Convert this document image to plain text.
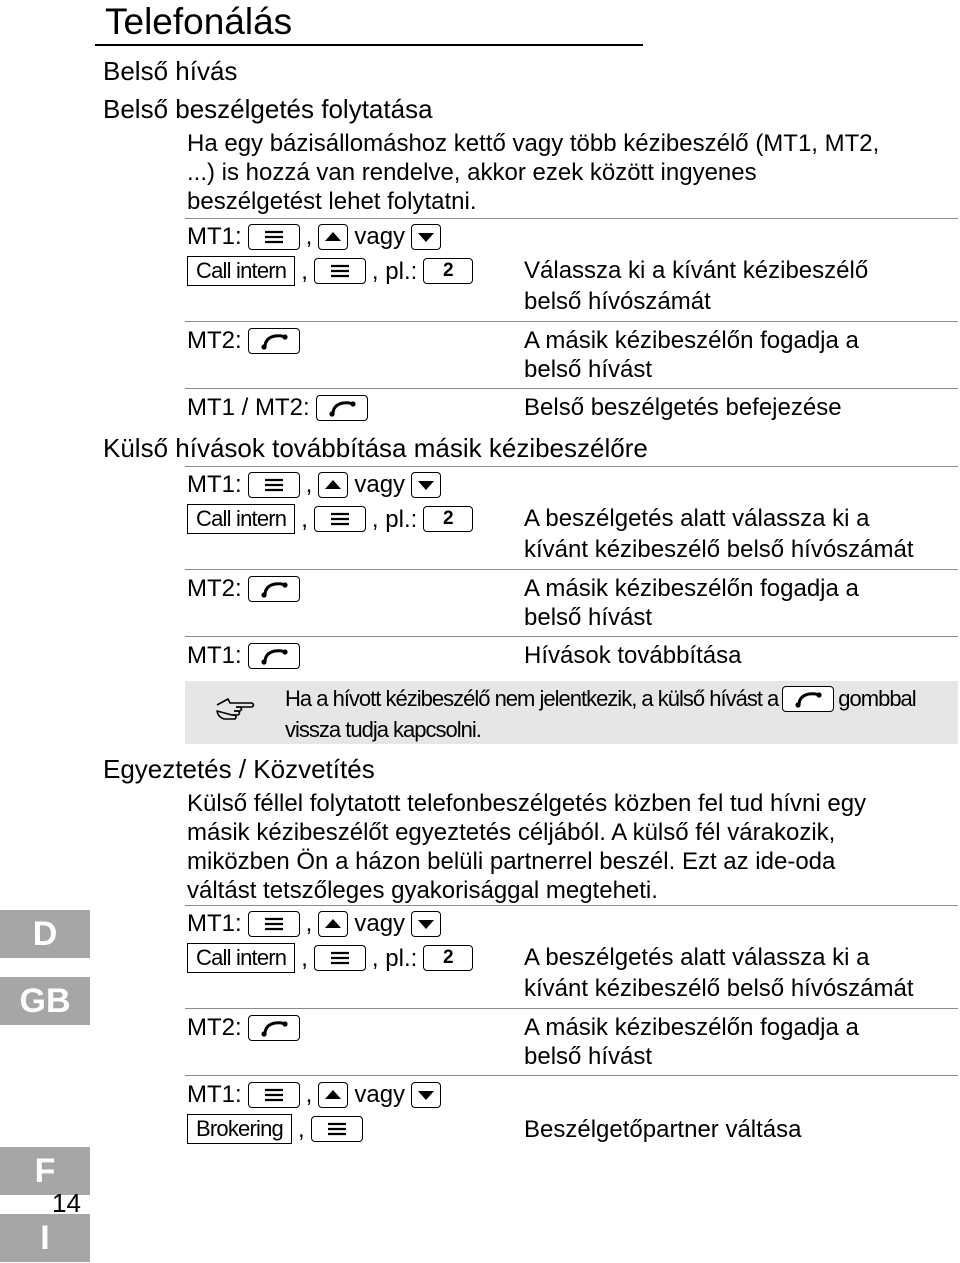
Telefonálás
Belső hívás
Belső beszélgetés folytatása
Ha egy bázisállomáshoz kettő vagy több kézibeszélő (MT1, MT2,
...) is hozzá van rendelve, akkor ezek között ingyenes
beszélgetést lehet folytatni.
MT1:	, vagy
Call intern ,	, pl.:	2	Válassza ki a kívánt kézibeszélő
belső hívószámát
MT2:	A másik kézibeszélőn fogadja a
belső hívást
MT1 / MT2:	Belső beszélgetés befejezése
Külső hívások továbbítása másik kézibeszélőre
MT1:	, vagy
Call intern ,	, pl.:	2	A beszélgetés alatt válassza ki a
kívánt kézibeszélő belső hívószámát
MT2:	A másik kézibeszélőn fogadja a
belső hívást
MT1:	Hívások továbbítása
Ha a hívott kézibeszélő nem jelentkezik, a külső hívást a	gombbal
vissza tudja kapcsolni.
Egyeztetés / Közvetítés
Külső féllel folytatott telefonbeszélgetés közben fel tud hívni egy
másik kézibeszélőt egyeztetés céljából. A külső fél várakozik,
miközben Ön a házon belüli partnerrel beszél. Ezt az ide-oda
váltást tetszőleges gyakorisággal megteheti.
MT1:	, vagy
Call intern ,	, pl.:	2	A beszélgetés alatt válassza ki a
kívánt kézibeszélő belső hívószámát
MT2:	A másik kézibeszélőn fogadja a
belső hívást
MT1:	, vagy
Brokering ,	Beszélgetőpartner váltása
D
GB
F
I
14
